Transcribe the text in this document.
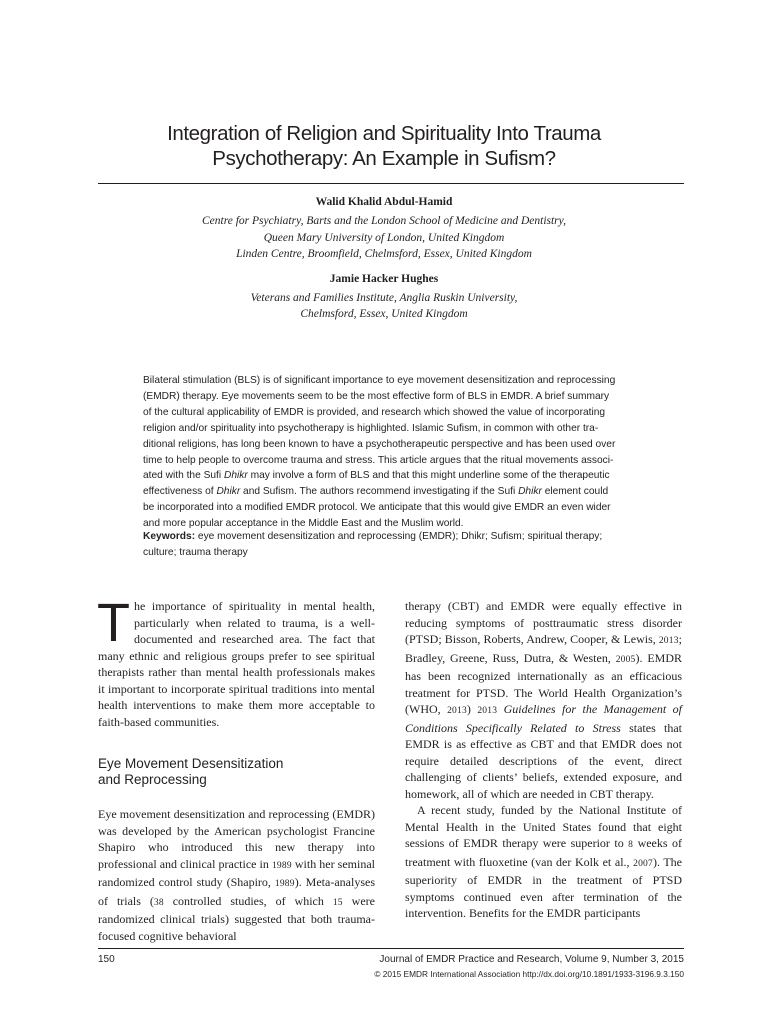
Integration of Religion and Spirituality Into Trauma
Psychotherapy: An Example in Sufism?
Walid Khalid Abdul-Hamid
Centre for Psychiatry, Barts and the London School of Medicine and Dentistry,
Queen Mary University of London, United Kingdom
Linden Centre, Broomfield, Chelmsford, Essex, United Kingdom
Jamie Hacker Hughes
Veterans and Families Institute, Anglia Ruskin University,
Chelmsford, Essex, United Kingdom
Bilateral stimulation (BLS) is of significant importance to eye movement desensitization and reprocessing
(EMDR) therapy. Eye movements seem to be the most effective form of BLS in EMDR. A brief summary
of the cultural applicability of EMDR is provided, and research which showed the value of incorporating
religion and/or spirituality into psychotherapy is highlighted. Islamic Sufism, in common with other tra-
ditional religions, has long been known to have a psychotherapeutic perspective and has been used over
time to help people to overcome trauma and stress. This article argues that the ritual movements associ-
ated with the Sufi Dhikr may involve a form of BLS and that this might underline some of the therapeutic
effectiveness of Dhikr and Sufism. The authors recommend investigating if the Sufi Dhikr element could
be incorporated into a modified EMDR protocol. We anticipate that this would give EMDR an even wider
and more popular acceptance in the Middle East and the Muslim world.
Keywords: eye movement desensitization and reprocessing (EMDR); Dhikr; Sufism; spiritual therapy;
culture; trauma therapy

The importance of spirituality in mental health, particularly when related to trauma, is a well-documented and researched area. The fact that many ethnic and religious groups prefer to see spiritual therapists rather than mental health professionals makes it important to incorporate spiritual traditions into mental health interventions to make them more acceptable to faith-based communities.

Eye Movement Desensitization
and Reprocessing

Eye movement desensitization and reprocessing (EMDR) was developed by the American psychologist Francine Shapiro who introduced this new therapy into professional and clinical practice in 1989 with her seminal randomized control study (Shapiro, 1989). Meta-analyses of trials (38 controlled studies, of which 15 were randomized clinical trials) suggested that both trauma-focused cognitive behavioral

therapy (CBT) and EMDR were equally effective in reducing symptoms of posttraumatic stress disorder (PTSD; Bisson, Roberts, Andrew, Cooper, & Lewis, 2013; Bradley, Greene, Russ, Dutra, & Westen, 2005). EMDR has been recognized internationally as an efficacious treatment for PTSD. The World Health Organization’s (WHO, 2013) 2013 Guidelines for the Management of Conditions Specifically Related to Stress states that EMDR is as effective as CBT and that EMDR does not require detailed descriptions of the event, direct challenging of clients’ beliefs, extended exposure, and homework, all of which are needed in CBT therapy.

A recent study, funded by the National Institute of Mental Health in the United States found that eight sessions of EMDR therapy were superior to 8 weeks of treatment with fluoxetine (van der Kolk et al., 2007). The superiority of EMDR in the treatment of PTSD symptoms continued even after termination of the intervention. Benefits for the EMDR participants

150	Journal of EMDR Practice and Research, Volume 9, Number 3, 2015
© 2015 EMDR International Association http://dx.doi.org/10.1891/1933-3196.9.3.150
